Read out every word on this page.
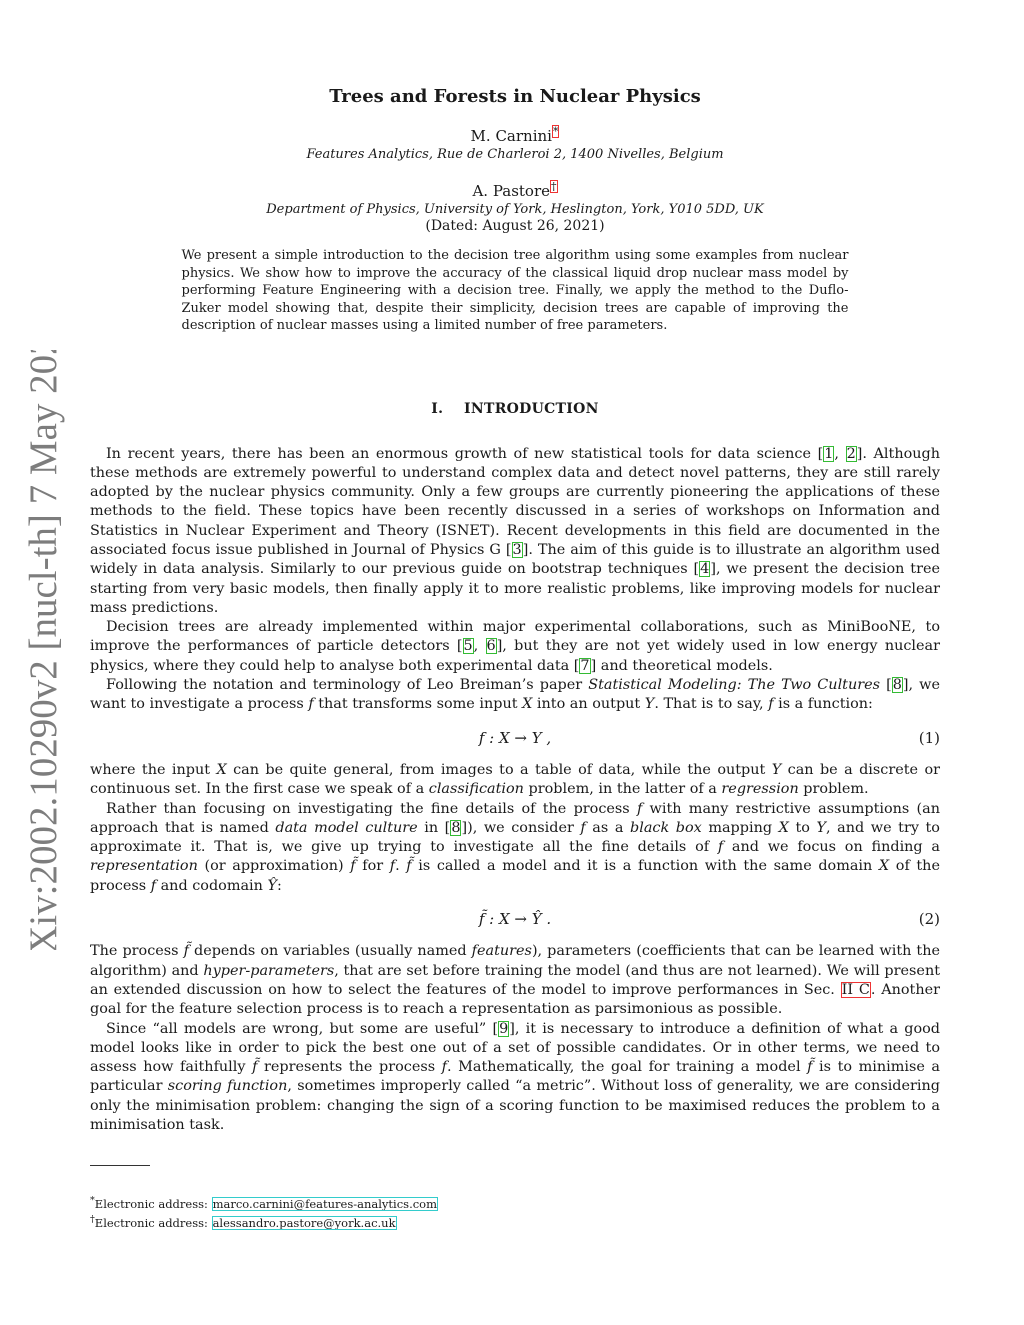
arXiv:2002.10290v2 [nucl-th] 7 May 2020
Trees and Forests in Nuclear Physics
M. Carnini*
Features Analytics, Rue de Charleroi 2, 1400 Nivelles, Belgium
A. Pastore†
Department of Physics, University of York, Heslington, York, Y010 5DD, UK
(Dated: August 26, 2021)
We present a simple introduction to the decision tree algorithm using some examples from nuclear physics. We show how to improve the accuracy of the classical liquid drop nuclear mass model by performing Feature Engineering with a decision tree. Finally, we apply the method to the Duflo-Zuker model showing that, despite their simplicity, decision trees are capable of improving the description of nuclear masses using a limited number of free parameters.
I. INTRODUCTION

In recent years, there has been an enormous growth of new statistical tools for data science [1, 2]. Although these methods are extremely powerful to understand complex data and detect novel patterns, they are still rarely adopted by the nuclear physics community. Only a few groups are currently pioneering the applications of these methods to the field. These topics have been recently discussed in a series of workshops on Information and Statistics in Nuclear Experiment and Theory (ISNET). Recent developments in this field are documented in the associated focus issue published in Journal of Physics G [3]. The aim of this guide is to illustrate an algorithm used widely in data analysis. Similarly to our previous guide on bootstrap techniques [4], we present the decision tree starting from very basic models, then finally apply it to more realistic problems, like improving models for nuclear mass predictions.

Decision trees are already implemented within major experimental collaborations, such as MiniBooNE, to improve the performances of particle detectors [5, 6], but they are not yet widely used in low energy nuclear physics, where they could help to analyse both experimental data [7] and theoretical models.

Following the notation and terminology of Leo Breiman’s paper Statistical Modeling: The Two Cultures [8], we want to investigate a process f that transforms some input X into an output Y. That is to say, f is a function:

f : X → Y ,	(1)

where the input X can be quite general, from images to a table of data, while the output Y can be a discrete or continuous set. In the first case we speak of a classification problem, in the latter of a regression problem.

Rather than focusing on investigating the fine details of the process f with many restrictive assumptions (an approach that is named data model culture in [8]), we consider f as a black box mapping X to Y, and we try to approximate it. That is, we give up trying to investigate all the fine details of f and we focus on finding a representation (or approximation) f̃ for f. f̃ is called a model and it is a function with the same domain X of the process f and codomain Ŷ:

f̃ : X → Ŷ .	(2)

The process f̃ depends on variables (usually named features), parameters (coefficients that can be learned with the algorithm) and hyper-parameters, that are set before training the model (and thus are not learned). We will present an extended discussion on how to select the features of the model to improve performances in Sec. II C. Another goal for the feature selection process is to reach a representation as parsimonious as possible.

Since “all models are wrong, but some are useful” [9], it is necessary to introduce a definition of what a good model looks like in order to pick the best one out of a set of possible candidates. Or in other terms, we need to assess how faithfully f̃ represents the process f. Mathematically, the goal for training a model f̃ is to minimise a particular scoring function, sometimes improperly called “a metric”. Without loss of generality, we are considering only the minimisation problem: changing the sign of a scoring function to be maximised reduces the problem to a minimisation task.

*Electronic address: marco.carnini@features-analytics.com
†Electronic address: alessandro.pastore@york.ac.uk
